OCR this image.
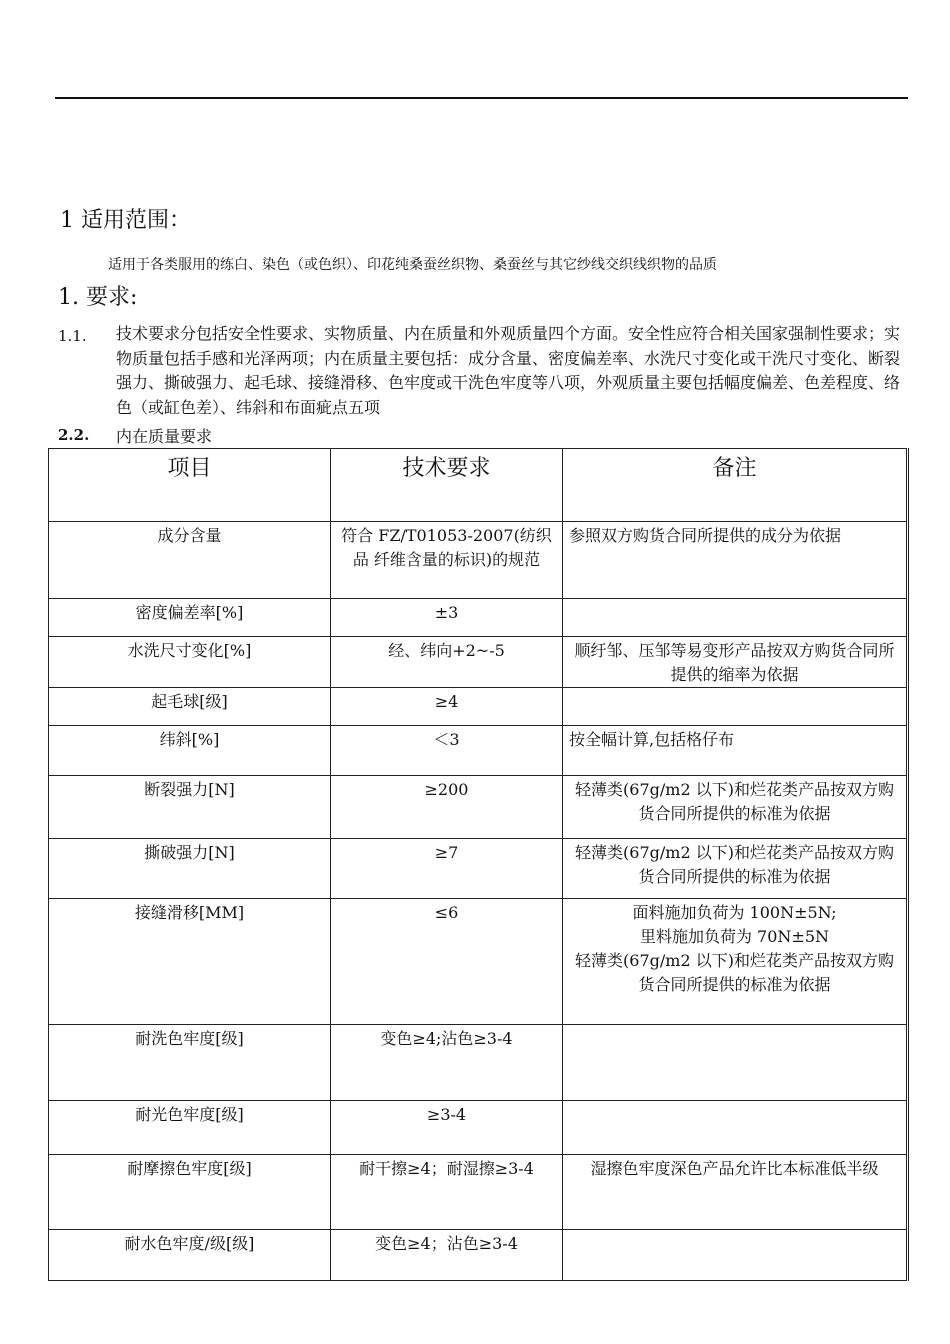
1 适用范围：
适用于各类服用的练白、染色（或色织）、印花纯桑蚕丝织物、桑蚕丝与其它纱线交织线织物的品质
1. 要求:
1.1. 技术要求分包括安全性要求、实物质量、内在质量和外观质量四个方面。安全性应符合相关国家强制性要求；实物质量包括手感和光泽两项；内在质量主要包括：成分含量、密度偏差率、水洗尺寸变化或干洗尺寸变化、断裂强力、撕破强力、起毛球、接缝滑移、色牢度或干洗色牢度等八项，外观质量主要包括幅度偏差、色差程度、络色（或缸色差）、纬斜和布面疵点五项
2.2. 内在质量要求
项目	技术要求	备注
成分含量	符合 FZ/T01053-2007(纺织品 纤维含量的标识)的规范	参照双方购货合同所提供的成分为依据
密度偏差率[%]	±3	
水洗尺寸变化[%]	经、纬向+2~-5	顺纡邹、压邹等易变形产品按双方购货合同所提供的缩率为依据
起毛球[级]	≥4	
纬斜[%]	＜3	按全幅计算,包括格仔布
断裂强力[N]	≥200	轻薄类(67g/m2 以下)和烂花类产品按双方购货合同所提供的标准为依据
撕破强力[N]	≥7	轻薄类(67g/m2 以下)和烂花类产品按双方购货合同所提供的标准为依据
接缝滑移[MM]	≤6	面料施加负荷为 100N±5N;
里料施加负荷为 70N±5N
轻薄类(67g/m2 以下)和烂花类产品按双方购货合同所提供的标准为依据
耐洗色牢度[级]	变色≥4;沾色≥3-4	
耐光色牢度[级]	≥3-4	
耐摩擦色牢度[级]	耐干擦≥4；耐湿擦≥3-4	湿擦色牢度深色产品允许比本标准低半级
耐水色牢度/级[级]	变色≥4；沾色≥3-4	
